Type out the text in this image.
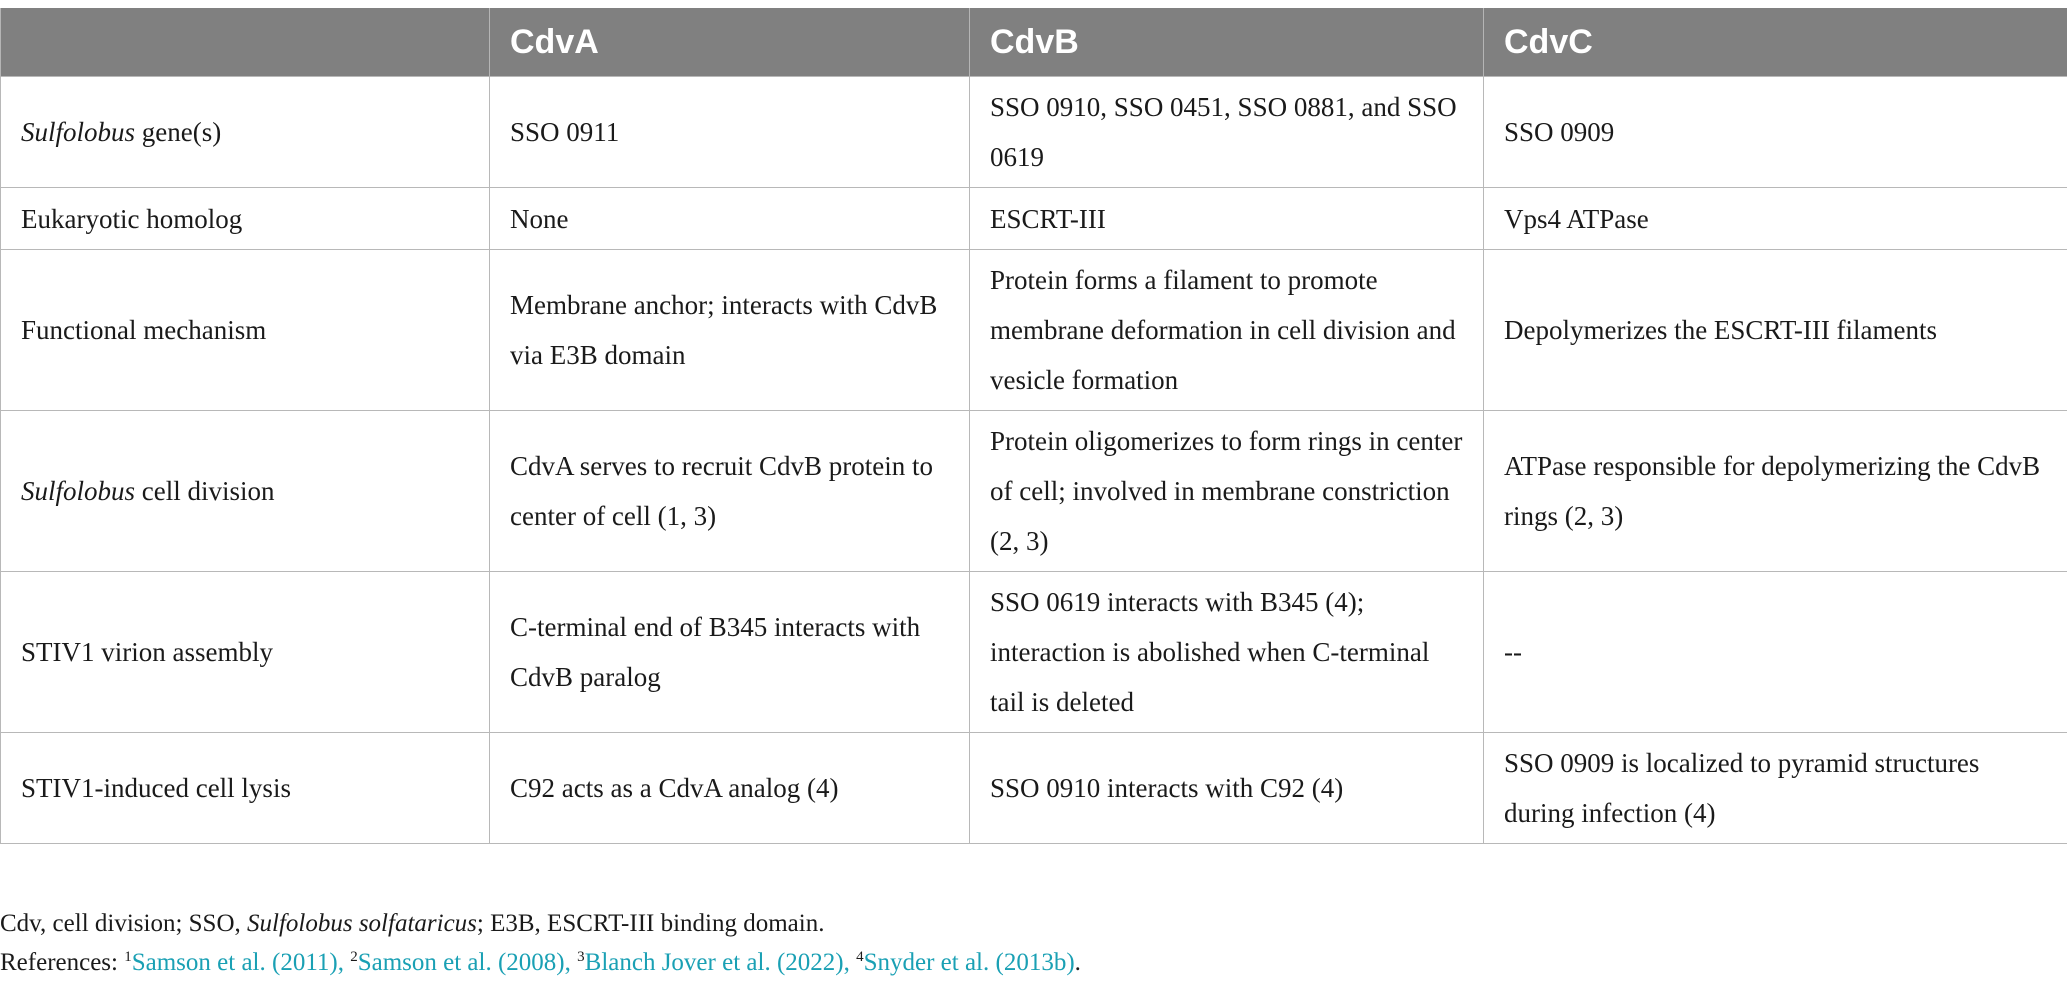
	CdvA	CdvB	CdvC
Sulfolobus gene(s)	SSO 0911	SSO 0910, SSO 0451, SSO 0881, and SSO 0619	SSO 0909
Eukaryotic homolog	None	ESCRT-III	Vps4 ATPase
Functional mechanism	Membrane anchor; interacts with CdvB via E3B domain	Protein forms a filament to promote membrane deformation in cell division and vesicle formation	Depolymerizes the ESCRT-III filaments
Sulfolobus cell division	CdvA serves to recruit CdvB protein to center of cell (1, 3)	Protein oligomerizes to form rings in center of cell; involved in membrane constriction (2, 3)	ATPase responsible for depolymerizing the CdvB rings (2, 3)
STIV1 virion assembly	C-terminal end of B345 interacts with CdvB paralog	SSO 0619 interacts with B345 (4); interaction is abolished when C-terminal tail is deleted	--
STIV1-induced cell lysis	C92 acts as a CdvA analog (4)	SSO 0910 interacts with C92 (4)	SSO 0909 is localized to pyramid structures during infection (4)
Cdv, cell division; SSO, Sulfolobus solfataricus; E3B, ESCRT-III binding domain.
References: $^1$Samson et al. (2011), $^2$Samson et al. (2008), $^3$Blanch Jover et al. (2022), $^4$Snyder et al. (2013b).
